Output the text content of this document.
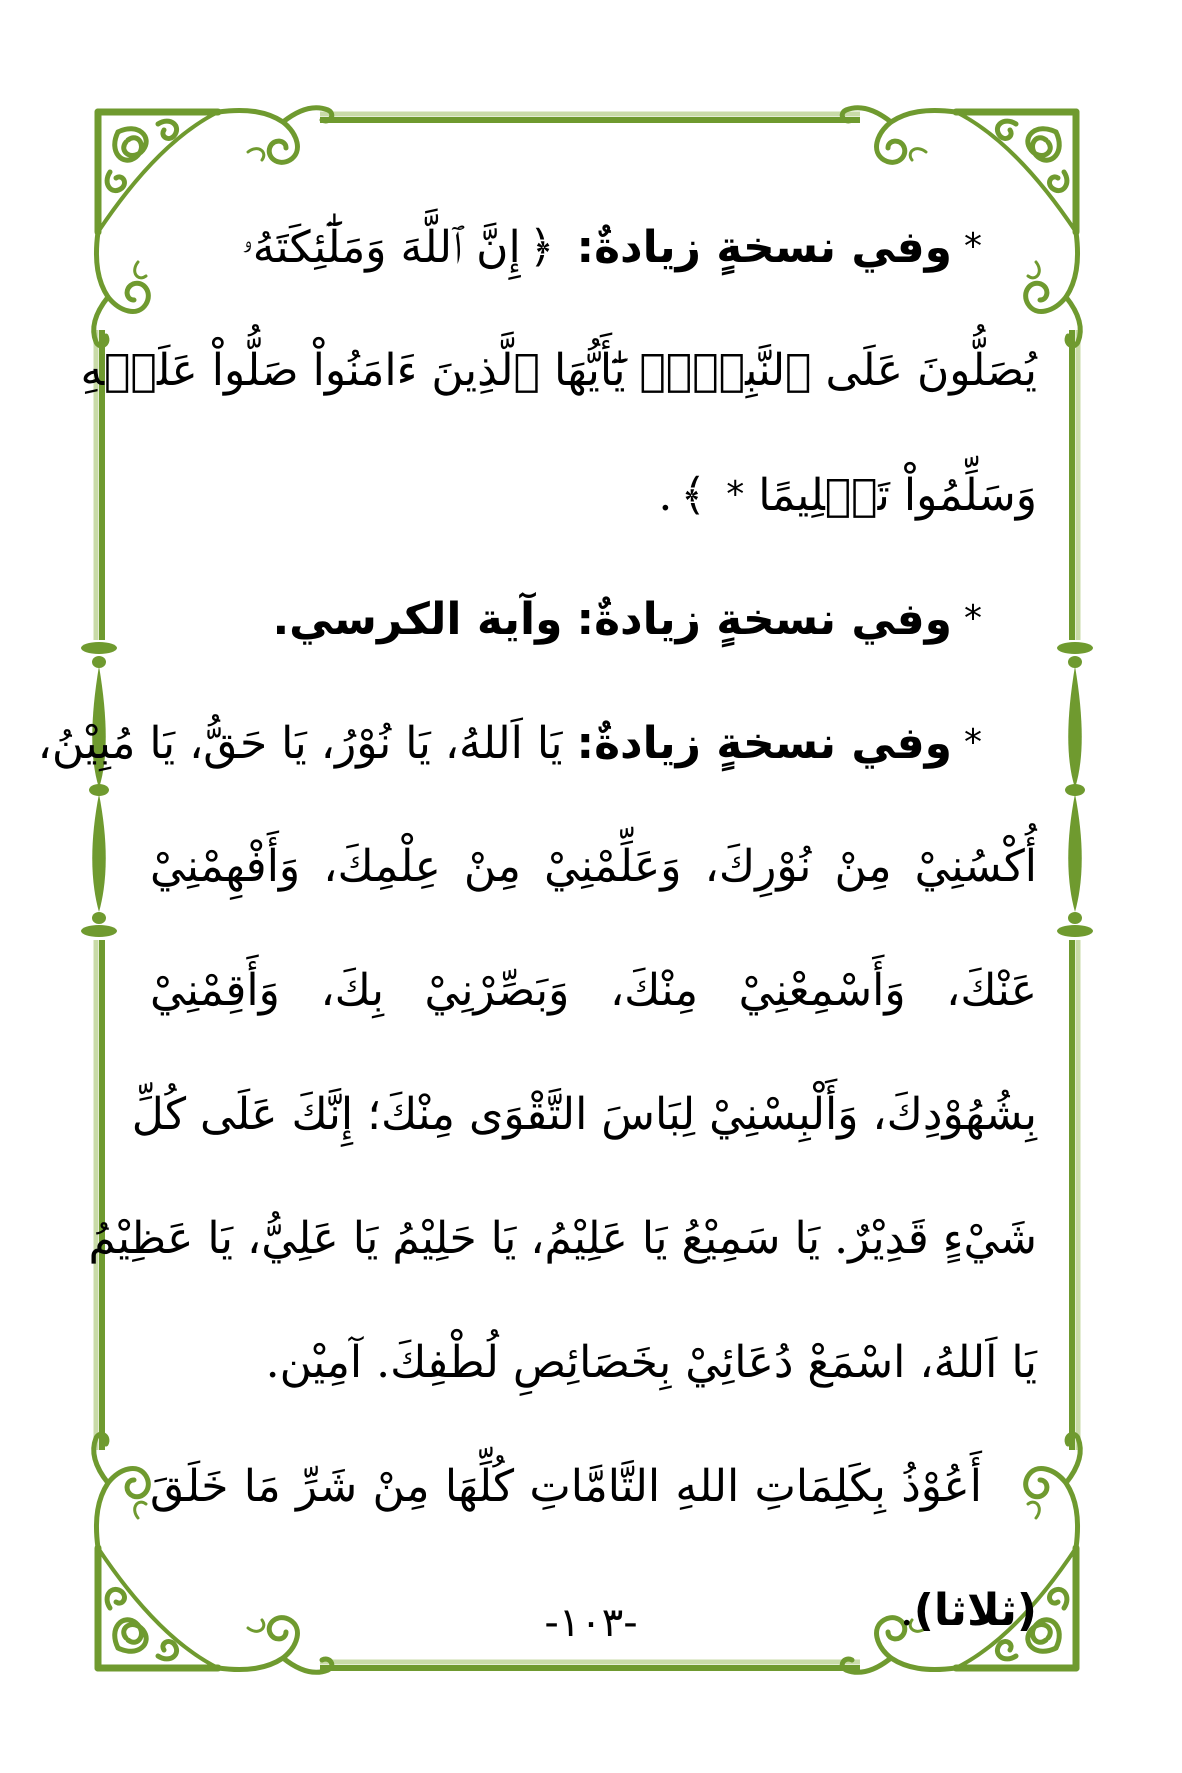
*وفي نسخةٍ زيادةٌ: ﴿إِنَّ ٱللَّهَ وَمَلَٰٓئِكَتَهُۥ
يُصَلُّونَ عَلَى ٱلنَّبِيِّۚ يَٰٓأَيُّهَا ٱلَّذِينَ ءَامَنُواْ صَلُّواْ عَلَيۡهِ
وَسَلِّمُواْ تَسۡلِيمًا *﴾.
*وفي نسخةٍ زيادةٌ: وآية الكرسي.
*وفي نسخةٍ زيادةٌ: يَا اَللهُ، يَا نُوْرُ، يَا حَقُّ، يَا مُبِيْنُ،
أُكْسُنِيْ مِنْ نُوْرِكَ، وَعَلِّمْنِيْ مِنْ عِلْمِكَ، وَأَفْهِمْنِيْ
عَنْكَ، وَأَسْمِعْنِيْ مِنْكَ، وَبَصِّرْنِيْ بِكَ، وَأَقِمْنِيْ
بِشُهُوْدِكَ، وَأَلْبِسْنِيْ لِبَاسَ التَّقْوَى مِنْكَ؛ إِنَّكَ عَلَى كُلِّ
شَيْءٍ قَدِيْرٌ. يَا سَمِيْعُ يَا عَلِيْمُ، يَا حَلِيْمُ يَا عَلِيُّ، يَا عَظِيْمُ
يَا اَللهُ، اسْمَعْ دُعَائِيْ بِخَصَائِصِ لُطْفِكَ. آمِيْن.
أَعُوْذُ بِكَلِمَاتِ اللهِ التَّامَّاتِ كُلِّهَا مِنْ شَرِّ مَا خَلَقَ
(ثلاثا).
-١٠٣-
